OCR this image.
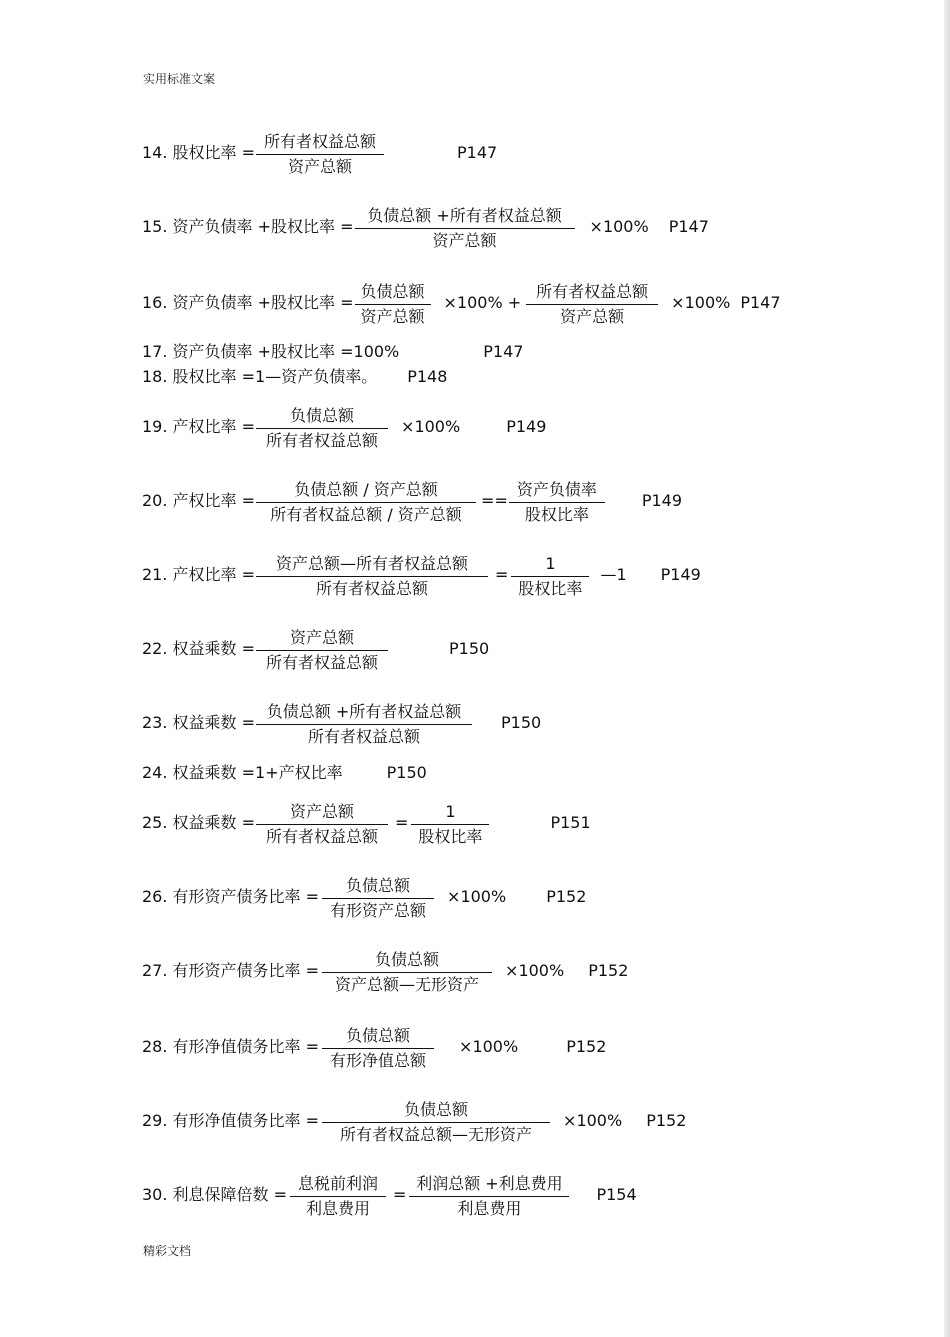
实用标准文案
14. 股权比率 = $\frac{\text{所有者权益总额}}{\text{资产总额}}$	P147
15. 资产负债率 +股权比率 = $\frac{\text{负债总额 +所有者权益总额}}{\text{资产总额}} \times 100\%$ P147
16. 资产负债率 +股权比率 = $\frac{\text{负债总额}}{\text{资产总额}} \times 100\% + \frac{\text{所有者权益总额}}{\text{资产总额}} \times 100\%$ P147
17. 资产负债率 +股权比率 =100%	P147
18. 股权比率 =1—资产负债率。 P148
19. 产权比率 = $\frac{\text{负债总额}}{\text{所有者权益总额}} \times 100\%$	P149
20. 产权比率 = $\frac{\text{负债总额 / 资产总额}}{\text{所有者权益总额 / 资产总额}} == \frac{\text{资产负债率}}{\text{股权比率}} P149$
21. 产权比率 = $\frac{\text{资产总额—所有者权益总额}}{\text{所有者权益总额}} = \frac{1}{\text{股权比率}}$ —1 P149
22. 权益乘数 = $\frac{\text{资产总额}}{\text{所有者权益总额}}$	P150
23. 权益乘数 = $\frac{\text{负债总额 +所有者权益总额}}{\text{所有者权益总额}} P150$
24. 权益乘数 =1+产权比率	P150
25. 权益乘数 = $\frac{\text{资产总额}}{\text{所有者权益总额}} = \frac{1}{\text{股权比率}}$	P151
26. 有形资产债务比率 = $\frac{\text{负债总额}}{\text{有形资产总额}} \times 100\%$	P152
27. 有形资产债务比率 = $\frac{\text{负债总额}}{\text{资产总额—无形资产}} \times 100\%$ P152
28. 有形净值债务比率 = $\frac{\text{负债总额}}{\text{有形净值总额}} \times 100\%$	P152
29. 有形净值债务比率 = $\frac{\text{负债总额}}{\text{所有者权益总额—无形资产}} \times 100\%$ P152
30. 利息保障倍数 = $\frac{\text{息税前利润}}{\text{利息费用}} = \frac{\text{利润总额 +利息费用}}{\text{利息费用}} P154$
精彩文档
